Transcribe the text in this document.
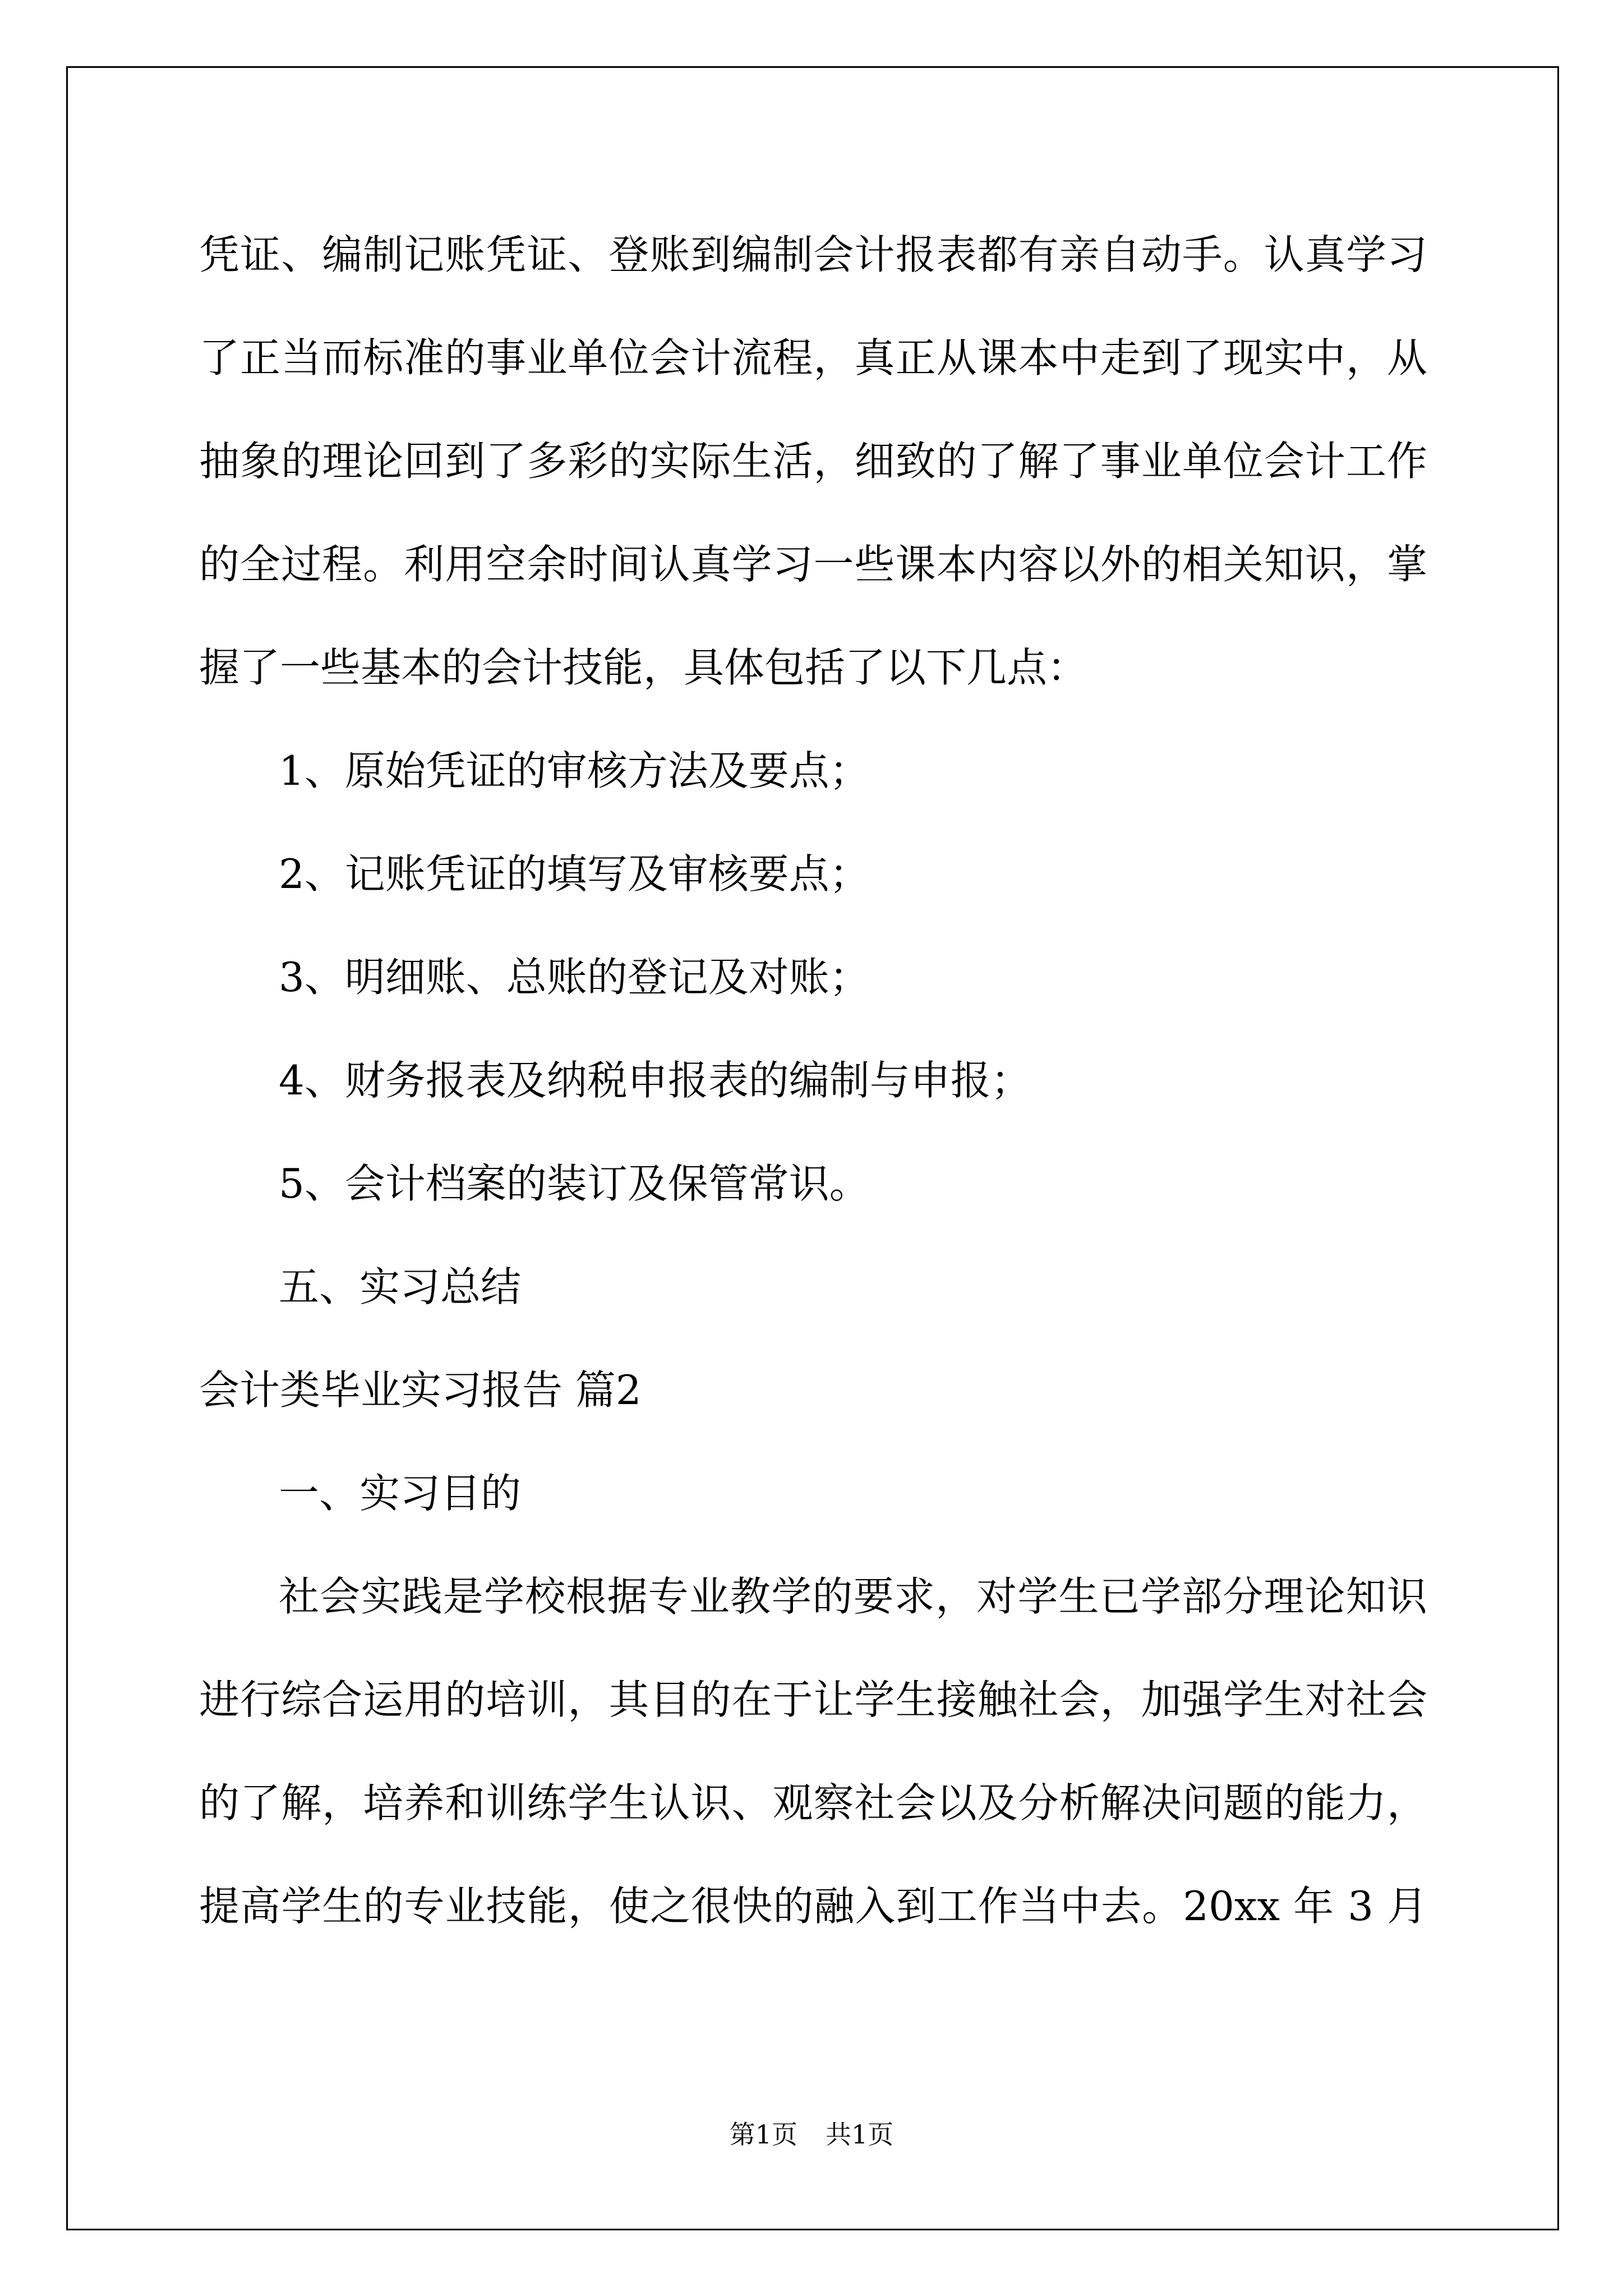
凭证、编制记账凭证、登账到编制会计报表都有亲自动手。认真学习
了正当而标准的事业单位会计流程，真正从课本中走到了现实中，从
抽象的理论回到了多彩的实际生活，细致的了解了事业单位会计工作
的全过程。利用空余时间认真学习一些课本内容以外的相关知识，掌
握了一些基本的会计技能，具体包括了以下几点：
1、原始凭证的审核方法及要点；
2、记账凭证的填写及审核要点；
3、明细账、总账的登记及对账；
4、财务报表及纳税申报表的编制与申报；
5、会计档案的装订及保管常识。
五、实习总结
会计类毕业实习报告 篇2
一、实习目的
社会实践是学校根据专业教学的要求，对学生已学部分理论知识
进行综合运用的培训，其目的在于让学生接触社会，加强学生对社会
的了解，培养和训练学生认识、观察社会以及分析解决问题的能力，
提高学生的专业技能，使之很快的融入到工作当中去。20xx 年 3 月
第1页 共1页
